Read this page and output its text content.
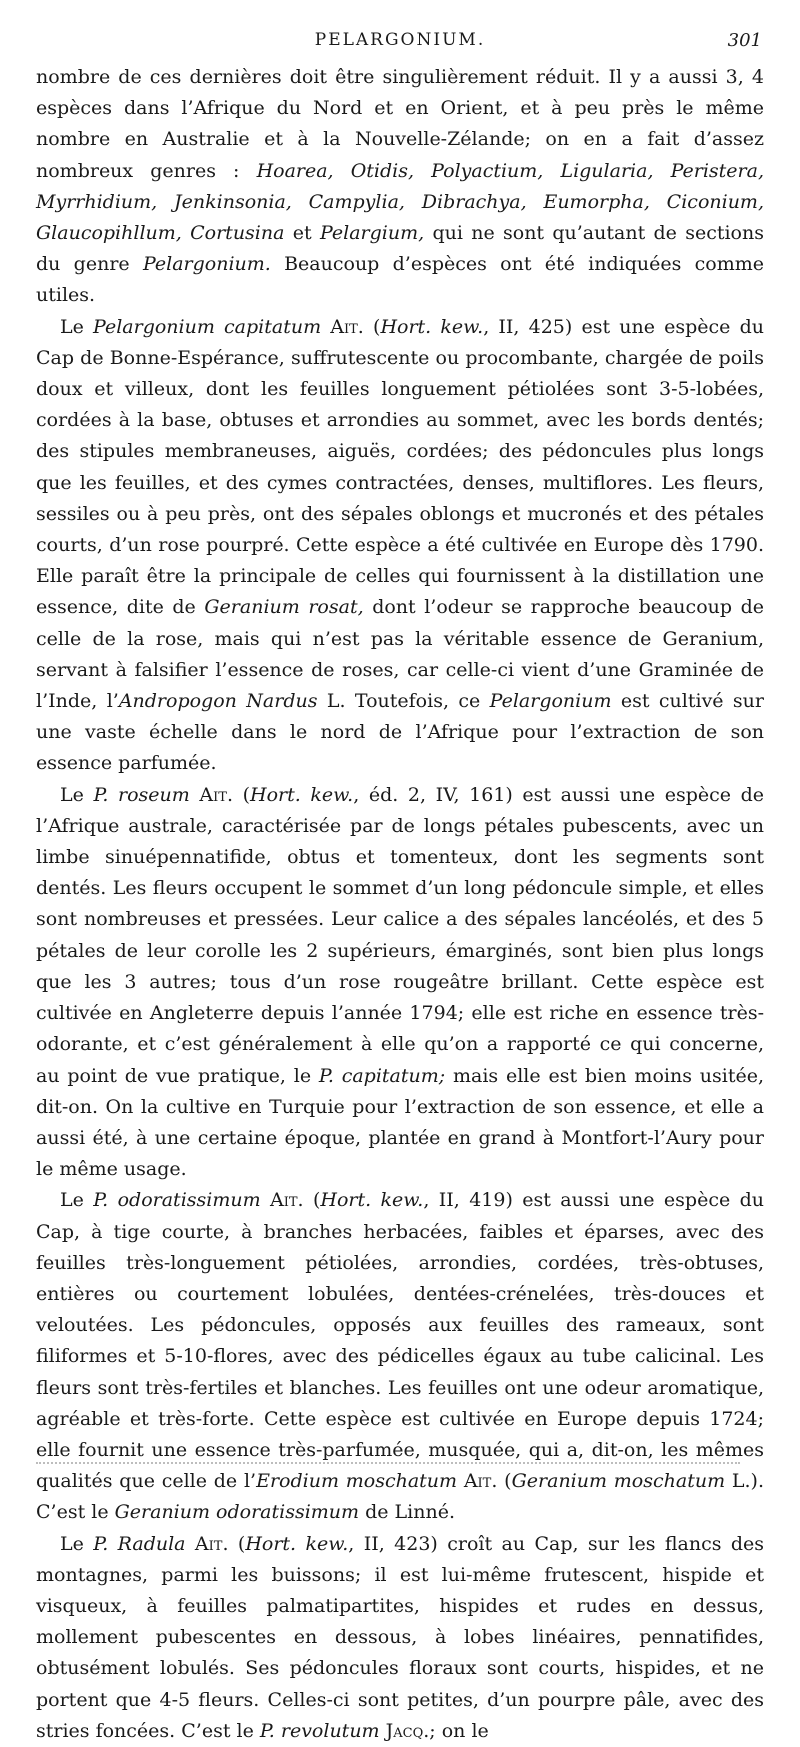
PELARGONIUM.	301

nombre de ces dernières doit être singulièrement réduit. Il y a aussi 3, 4 espèces dans l’Afrique du Nord et en Orient, et à peu près le même nombre en Australie et à la Nouvelle-Zélande; on en a fait d’assez nombreux genres : Hoarea, Otidis, Polyactium, Ligularia, Peristera, Myrrhidium, Jenkinsonia, Campylia, Dibrachya, Eumorpha, Ciconium, Glaucopihllum, Cortusina et Pelargium, qui ne sont qu’autant de sections du genre Pelargonium. Beaucoup d’espèces ont été indiquées comme utiles.

Le Pelargonium capitatum Ait. (Hort. kew., II, 425) est une espèce du Cap de Bonne-Espérance, suffrutescente ou procombante, chargée de poils doux et villeux, dont les feuilles longuement pétiolées sont 3-5-lobées, cordées à la base, obtuses et arrondies au sommet, avec les bords dentés; des stipules membraneuses, aiguës, cordées; des pédoncules plus longs que les feuilles, et des cymes contractées, denses, multiflores. Les fleurs, sessiles ou à peu près, ont des sépales oblongs et mucronés et des pétales courts, d’un rose pourpré. Cette espèce a été cultivée en Europe dès 1790. Elle paraît être la principale de celles qui fournissent à la distillation une essence, dite de Geranium rosat, dont l’odeur se rapproche beaucoup de celle de la rose, mais qui n’est pas la véritable essence de Geranium, servant à falsifier l’essence de roses, car celle-ci vient d’une Graminée de l’Inde, l’Andropogon Nardus L. Toutefois, ce Pelargonium est cultivé sur une vaste échelle dans le nord de l’Afrique pour l’extraction de son essence parfumée.

Le P. roseum Ait. (Hort. kew., éd. 2, IV, 161) est aussi une espèce de l’Afrique australe, caractérisée par de longs pétales pubescents, avec un limbe sinuépennatifide, obtus et tomenteux, dont les segments sont dentés. Les fleurs occupent le sommet d’un long pédoncule simple, et elles sont nombreuses et pressées. Leur calice a des sépales lancéolés, et des 5 pétales de leur corolle les 2 supérieurs, émarginés, sont bien plus longs que les 3 autres; tous d’un rose rougeâtre brillant. Cette espèce est cultivée en Angleterre depuis l’année 1794; elle est riche en essence très-odorante, et c’est généralement à elle qu’on a rapporté ce qui concerne, au point de vue pratique, le P. capitatum; mais elle est bien moins usitée, dit-on. On la cultive en Turquie pour l’extraction de son essence, et elle a aussi été, à une certaine époque, plantée en grand à Montfort-l’Aury pour le même usage.

Le P. odoratissimum Ait. (Hort. kew., II, 419) est aussi une espèce du Cap, à tige courte, à branches herbacées, faibles et éparses, avec des feuilles très-longuement pétiolées, arrondies, cordées, très-obtuses, entières ou courtement lobulées, dentées-crénelées, très-douces et veloutées. Les pédoncules, opposés aux feuilles des rameaux, sont filiformes et 5-10-flores, avec des pédicelles égaux au tube calicinal. Les fleurs sont très-fertiles et blanches. Les feuilles ont une odeur aromatique, agréable et très-forte. Cette espèce est cultivée en Europe depuis 1724; elle fournit une essence très-parfumée, musquée, qui a, dit-on, les mêmes qualités que celle de l’Erodium moschatum Ait. (Geranium moschatum L.). C’est le Geranium odoratissimum de Linné.

Le P. Radula Ait. (Hort. kew., II, 423) croît au Cap, sur les flancs des montagnes, parmi les buissons; il est lui-même frutescent, hispide et visqueux, à feuilles palmatipartites, hispides et rudes en dessus, mollement pubescentes en dessous, à lobes linéaires, pennatifides, obtusément lobulés. Ses pédoncules floraux sont courts, hispides, et ne portent que 4-5 fleurs. Celles-ci sont petites, d’un pourpre pâle, avec des stries foncées. C’est le P. revolutum Jacq.; on le
